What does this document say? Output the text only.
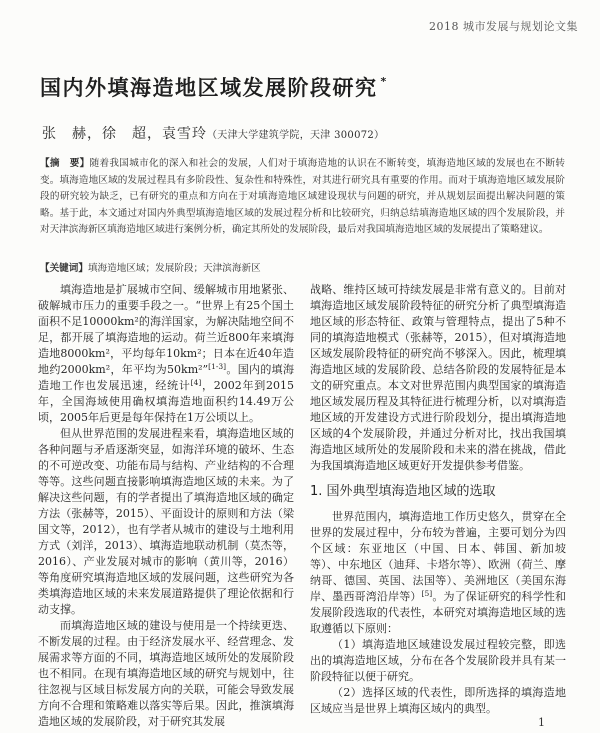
2018 城市发展与规划论文集
国内外填海造地区域发展阶段研究 *
张　赫，徐　超，袁雪玲（天津大学建筑学院，天津 300072）

【摘　要】随着我国城市化的深入和社会的发展，人们对于填海造地的认识在不断转变，填海造地区域的发展也在不断转变。填海造地区域的发展过程具有多阶段性、复杂性和特殊性，对其进行研究具有重要的作用。而对于填海造地区域发展阶段的研究较为缺乏，已有研究的重点和方向在于对填海造地区域建设现状与问题的研究，并从规划层面提出解决问题的策略。基于此，本文通过对国内外典型填海造地区域的发展过程分析和比较研究，归纳总结填海造地区域的四个发展阶段，并对天津滨海新区填海造地区域进行案例分析，确定其所处的发展阶段，最后对我国填海造地区域的发展提出了策略建议。

【关键词】填海造地区域；发展阶段；天津滨海新区

填海造地是扩展城市空间、缓解城市用地紧张、破解城市压力的重要手段之一。“世界上有25个国土面积不足10000km²的海洋国家，为解决陆地空间不足，都开展了填海造地的运动。荷兰近800年来填海造地8000km²，平均每年10km²；日本在近40年造地约2000km²，年平均为50km²”[1-3]。国内的填海造地工作也发展迅速，经统计[4]，2002年到2015年，全国海域使用确权填海造地面积约14.49万公顷，2005年后更是每年保持在1万公顷以上。

但从世界范围的发展进程来看，填海造地区域的各种问题与矛盾逐渐突显，如海洋环境的破坏、生态的不可逆改变、功能布局与结构、产业结构的不合理等等。这些问题直接影响填海造地区域的未来。为了解决这些问题，有的学者提出了填海造地区域的确定方法（张赫等，2015）、平面设计的原则和方法（梁国文等，2012），也有学者从城市的建设与土地利用方式（刘洋，2013）、填海造地联动机制（莫杰等，2016）、产业发展对城市的影响（黄川等，2016）等角度研究填海造地区域的发展问题，这些研究为各类填海造地区域的未来发展道路提供了理论依据和行动支撑。

而填海造地区域的建设与使用是一个持续更迭、不断发展的过程。由于经济发展水平、经营理念、发展需求等方面的不同，填海造地区域所处的发展阶段也不相同。在现有填海造地区域的研究与规划中，往往忽视与区域目标发展方向的关联，可能会导致发展方向不合理和策略难以落实等后果。因此，推演填海造地区域的发展阶段，对于研究其发展

战略、维持区域可持续发展是非常有意义的。目前对填海造地区域发展阶段特征的研究分析了典型填海造地区域的形态特征、政策与管理特点，提出了5种不同的填海造地模式（张赫等，2015），但对填海造地区域发展阶段特征的研究尚不够深入。因此，梳理填海造地区域的发展阶段、总结各阶段的发展特征是本文的研究重点。本文对世界范围内典型国家的填海造地区域发展历程及其特征进行梳理分析，以对填海造地区域的开发建设方式进行阶段划分，提出填海造地区域的4个发展阶段，并通过分析对比，找出我国填海造地区域所处的发展阶段和未来的潜在挑战，借此为我国填海造地区域更好开发提供参考借鉴。

1. 国外典型填海造地区域的选取

世界范围内，填海造地工作历史悠久，贯穿在全世界的发展过程中，分布较为普遍，主要可划分为四个区域：东亚地区（中国、日本、韩国、新加坡等）、中东地区（迪拜、卡塔尔等）、欧洲（荷兰、摩纳哥、德国、英国、法国等）、美洲地区（美国东海岸、墨西哥湾沿岸等）[5]。为了保证研究的科学性和发展阶段选取的代表性，本研究对填海造地区域的选取遵循以下原则：

（1）填海造地区域建设发展过程较完整，即选出的填海造地区域，分布在各个发展阶段并具有某一阶段特征以便于研究。

（2）选择区域的代表性，即所选择的填海造地区域应当是世界上填海区域内的典型。

1
